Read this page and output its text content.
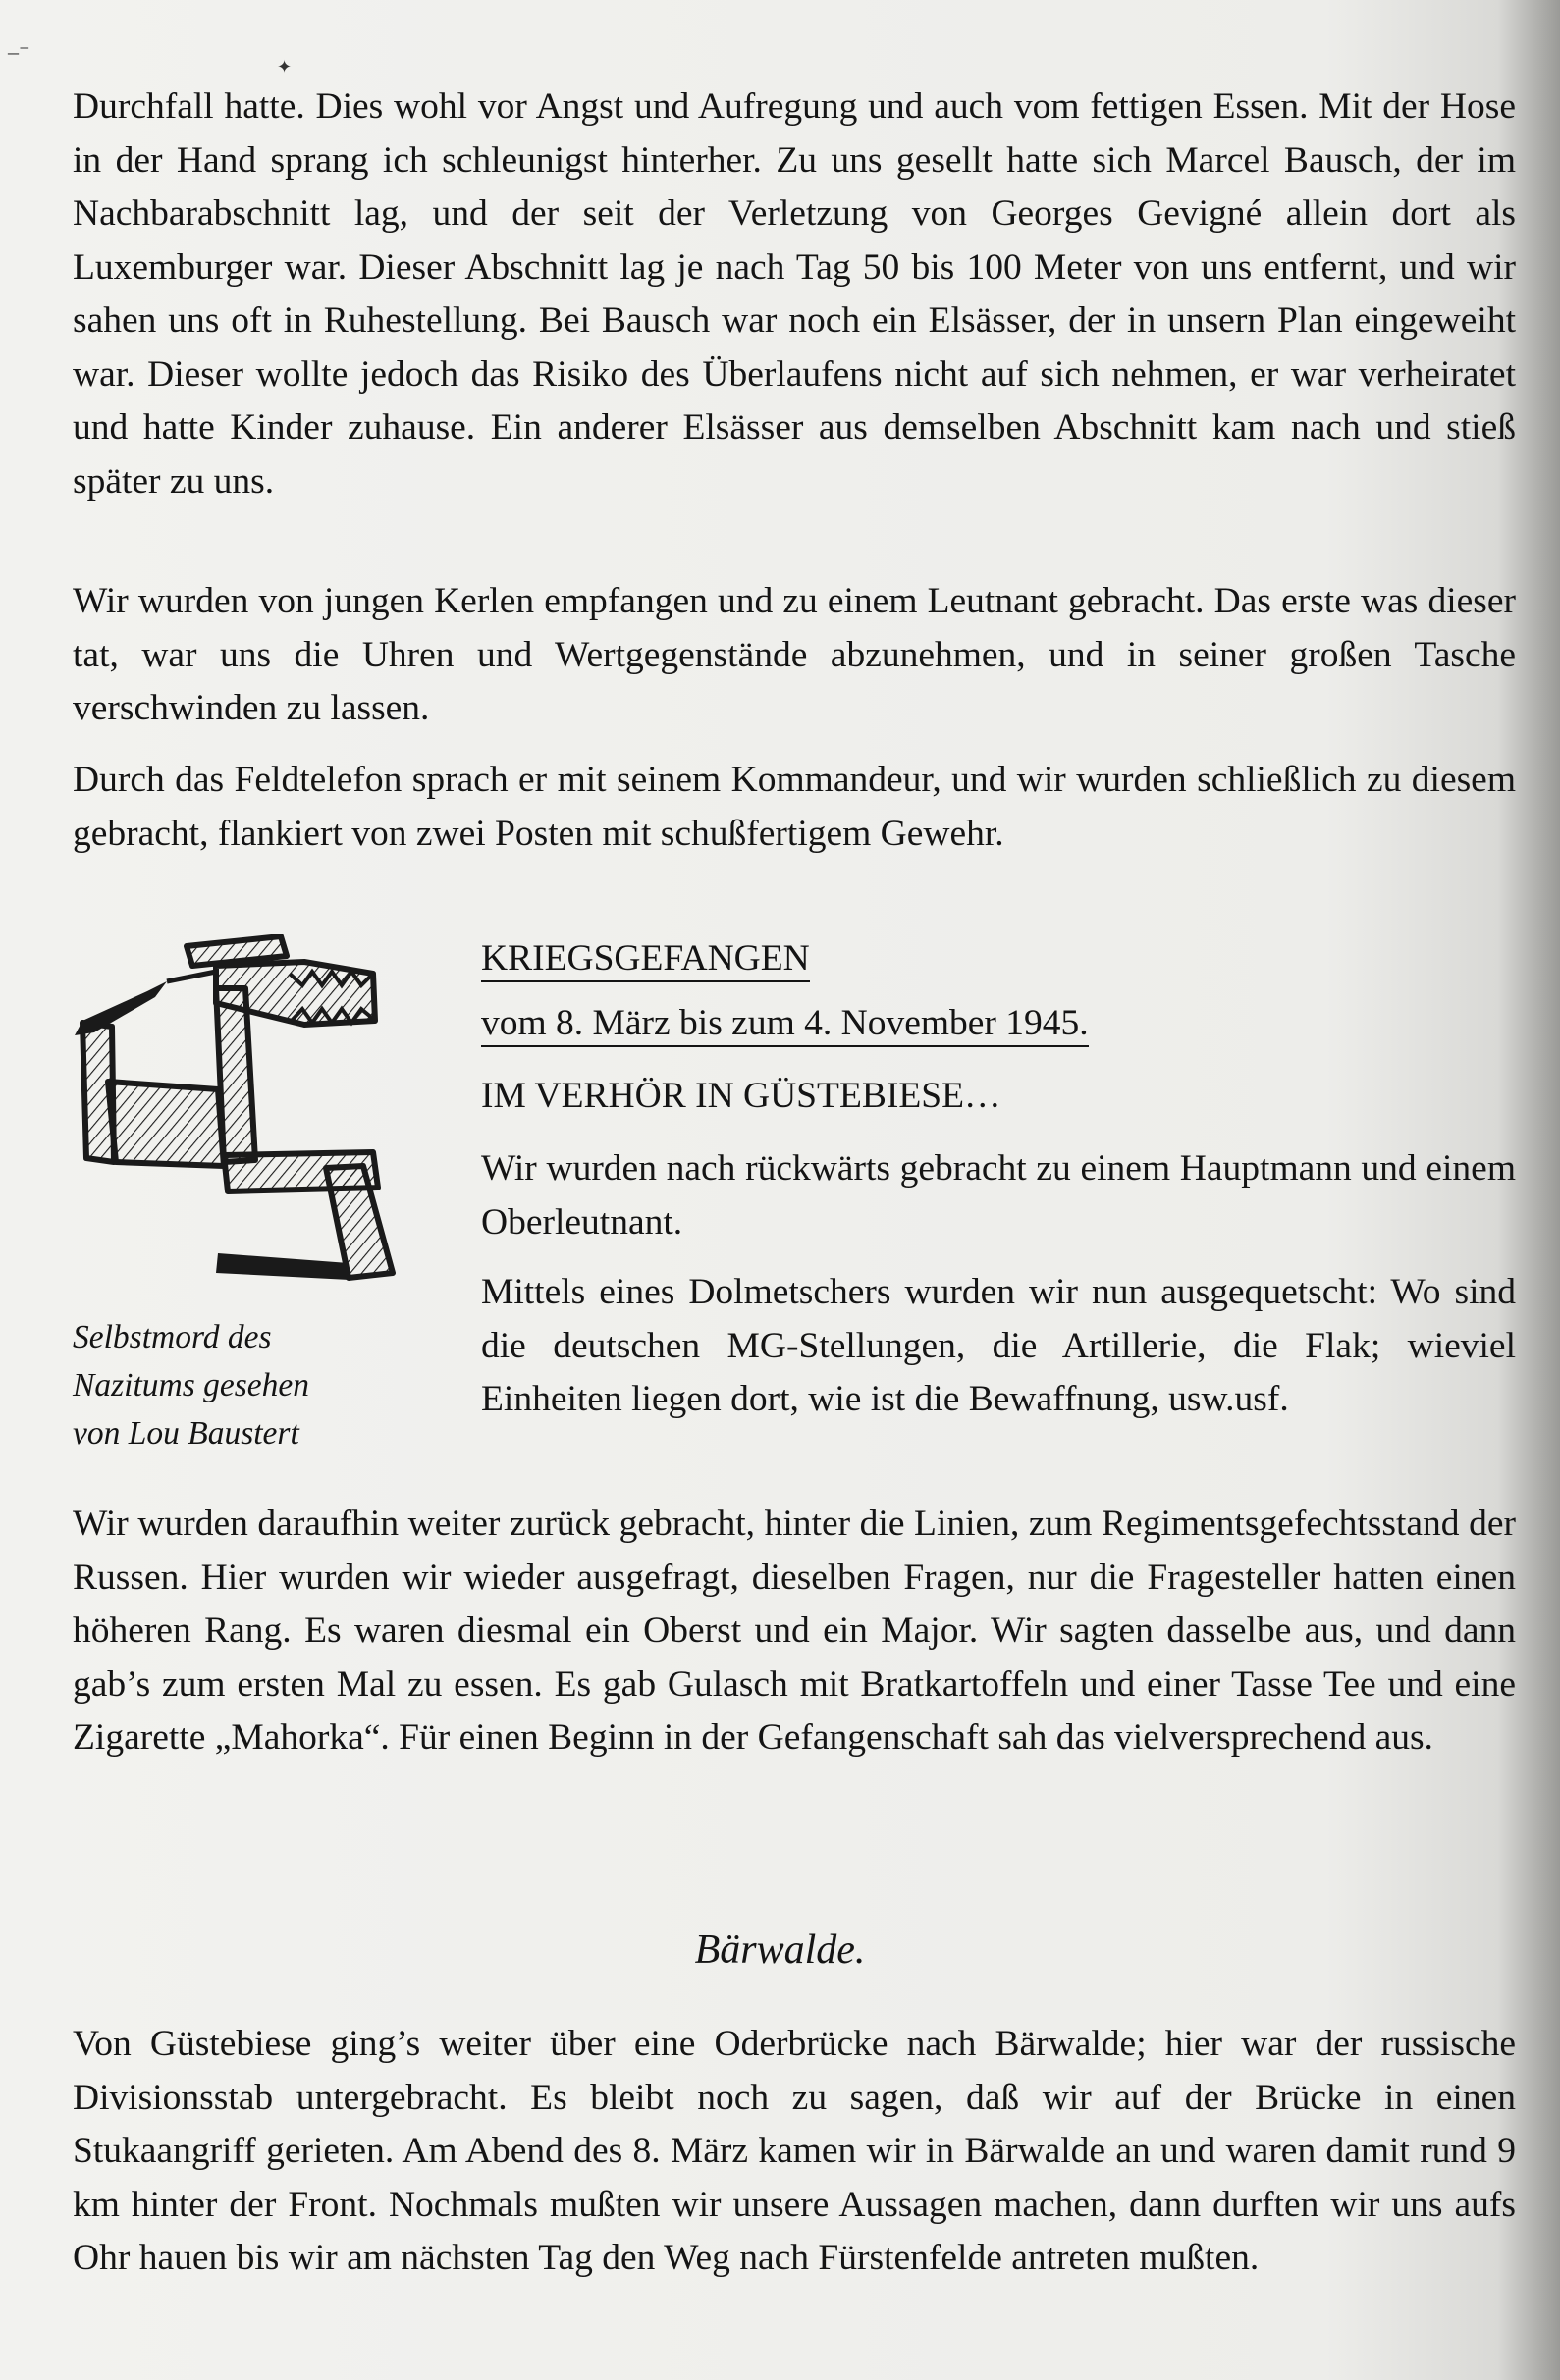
–⁻
✦

Durchfall hatte. Dies wohl vor Angst und Aufregung und auch vom fettigen Essen. Mit der Hose in der Hand sprang ich schleunigst hinterher. Zu uns gesellt hatte sich Marcel Bausch, der im Nachbarabschnitt lag, und der seit der Verletzung von Georges Gevigné allein dort als Luxemburger war. Dieser Abschnitt lag je nach Tag 50 bis 100 Meter von uns entfernt, und wir sahen uns oft in Ruhestellung. Bei Bausch war noch ein Elsässer, der in unsern Plan eingeweiht war. Dieser wollte jedoch das Risiko des Überlaufens nicht auf sich nehmen, er war verheiratet und hatte Kinder zuhause. Ein anderer Elsässer aus demselben Abschnitt kam nach und stieß später zu uns.

Wir wurden von jungen Kerlen empfangen und zu einem Leutnant gebracht. Das erste was dieser tat, war uns die Uhren und Wertgegenstände abzunehmen, und in seiner großen Tasche verschwinden zu lassen.

Durch das Feldtelefon sprach er mit seinem Kommandeur, und wir wurden schließlich zu diesem gebracht, flankiert von zwei Posten mit schußfertigem Gewehr.

KRIEGSGEFANGEN
vom 8. März bis zum 4. November 1945.
IM VERHÖR IN GÜSTEBIESE…

Wir wurden nach rückwärts gebracht zu einem Hauptmann und einem Oberleutnant.

Mittels eines Dolmetschers wurden wir nun ausgequetscht: Wo sind die deutschen MG-Stellungen, die Artillerie, die Flak; wieviel Einheiten liegen dort, wie ist die Bewaffnung, usw.usf.

Selbstmord des

Nazitums gesehen

von Lou Baustert

Wir wurden daraufhin weiter zurück gebracht, hinter die Linien, zum Regimentsgefechtsstand der Russen. Hier wurden wir wieder ausgefragt, dieselben Fragen, nur die Fragesteller hatten einen höheren Rang. Es waren diesmal ein Oberst und ein Major. Wir sagten dasselbe aus, und dann gab’s zum ersten Mal zu essen. Es gab Gulasch mit Bratkartoffeln und einer Tasse Tee und eine Zigarette „Mahorka“. Für einen Beginn in der Gefangenschaft sah das vielversprechend aus.

Bärwalde.

Von Güstebiese ging’s weiter über eine Oderbrücke nach Bärwalde; hier war der russische Divisionsstab untergebracht. Es bleibt noch zu sagen, daß wir auf der Brücke in einen Stukaangriff gerieten. Am Abend des 8. März kamen wir in Bärwalde an und waren damit rund 9 km hinter der Front. Nochmals mußten wir unsere Aussagen machen, dann durften wir uns aufs Ohr hauen bis wir am nächsten Tag den Weg nach Fürstenfelde antreten mußten.
